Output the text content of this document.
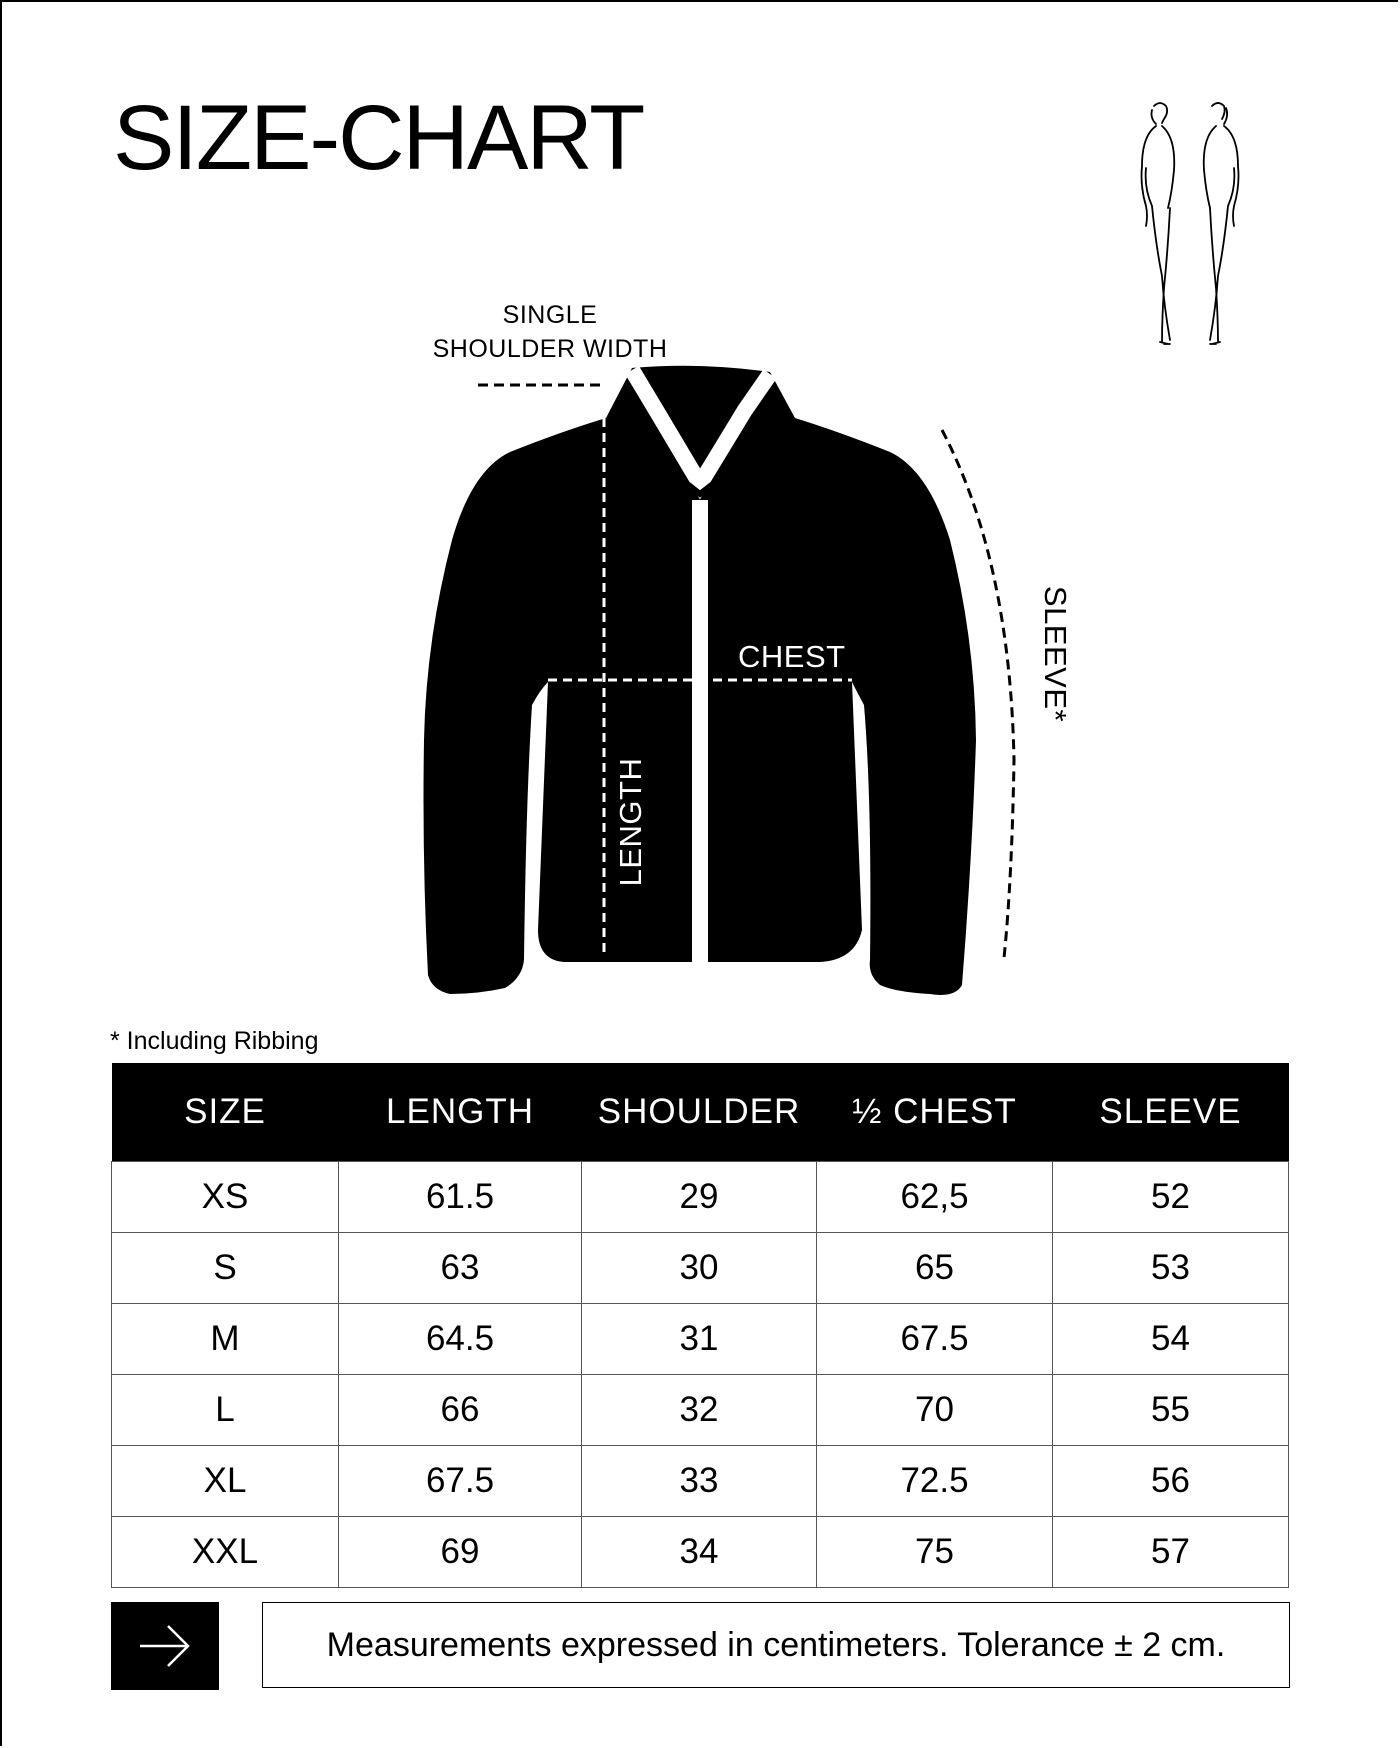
SIZE-CHART
SINGLE
SHOULDER WIDTH
CHEST
LENGTH
SLEEVE*
* Including Ribbing
SIZE	LENGTH	SHOULDER	½ CHEST	SLEEVE
XS	61.5	29	62,5	52
S	63	30	65	53
M	64.5	31	67.5	54
L	66	32	70	55
XL	67.5	33	72.5	56
XXL	69	34	75	57
Measurements expressed in centimeters. Tolerance ± 2 cm.
